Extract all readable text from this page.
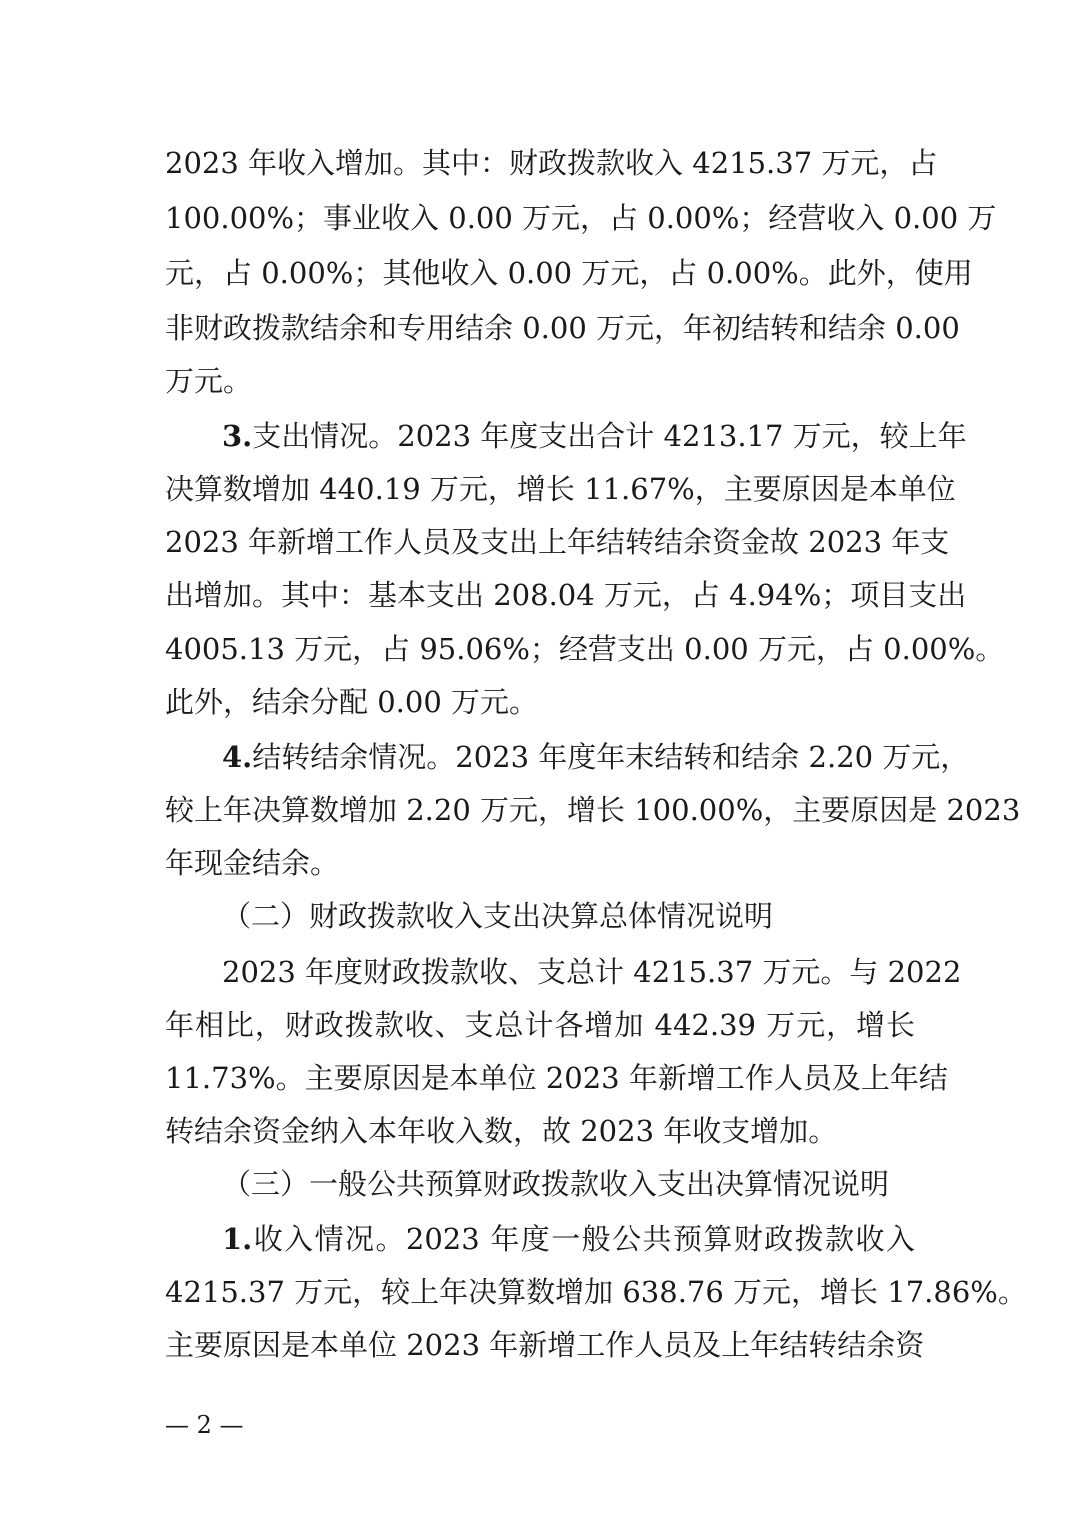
2023 年收入增加。其中：财政拨款收入 4215.37 万元，占
100.00%；事业收入 0.00 万元，占 0.00%；经营收入 0.00 万
元，占 0.00%；其他收入 0.00 万元，占 0.00%。此外，使用
非财政拨款结余和专用结余 0.00 万元，年初结转和结余 0.00
万元。
3.支出情况。2023 年度支出合计 4213.17 万元，较上年
决算数增加 440.19 万元，增长 11.67%，主要原因是本单位
2023 年新增工作人员及支出上年结转结余资金故 2023 年支
出增加。其中：基本支出 208.04 万元，占 4.94%；项目支出
4005.13 万元，占 95.06%；经营支出 0.00 万元，占 0.00%。
此外，结余分配 0.00 万元。
4.结转结余情况。2023 年度年末结转和结余 2.20 万元，
较上年决算数增加 2.20 万元，增长 100.00%，主要原因是 2023
年现金结余。
（二）财政拨款收入支出决算总体情况说明
2023 年度财政拨款收、支总计 4215.37 万元。与 2022
年相比，财政拨款收、支总计各增加 442.39 万元，增长
11.73%。主要原因是本单位 2023 年新增工作人员及上年结
转结余资金纳入本年收入数，故 2023 年收支增加。
（三）一般公共预算财政拨款收入支出决算情况说明
1.收入情况。2023 年度一般公共预算财政拨款收入
4215.37 万元，较上年决算数增加 638.76 万元，增长 17.86%。
主要原因是本单位 2023 年新增工作人员及上年结转结余资
— 2 —
